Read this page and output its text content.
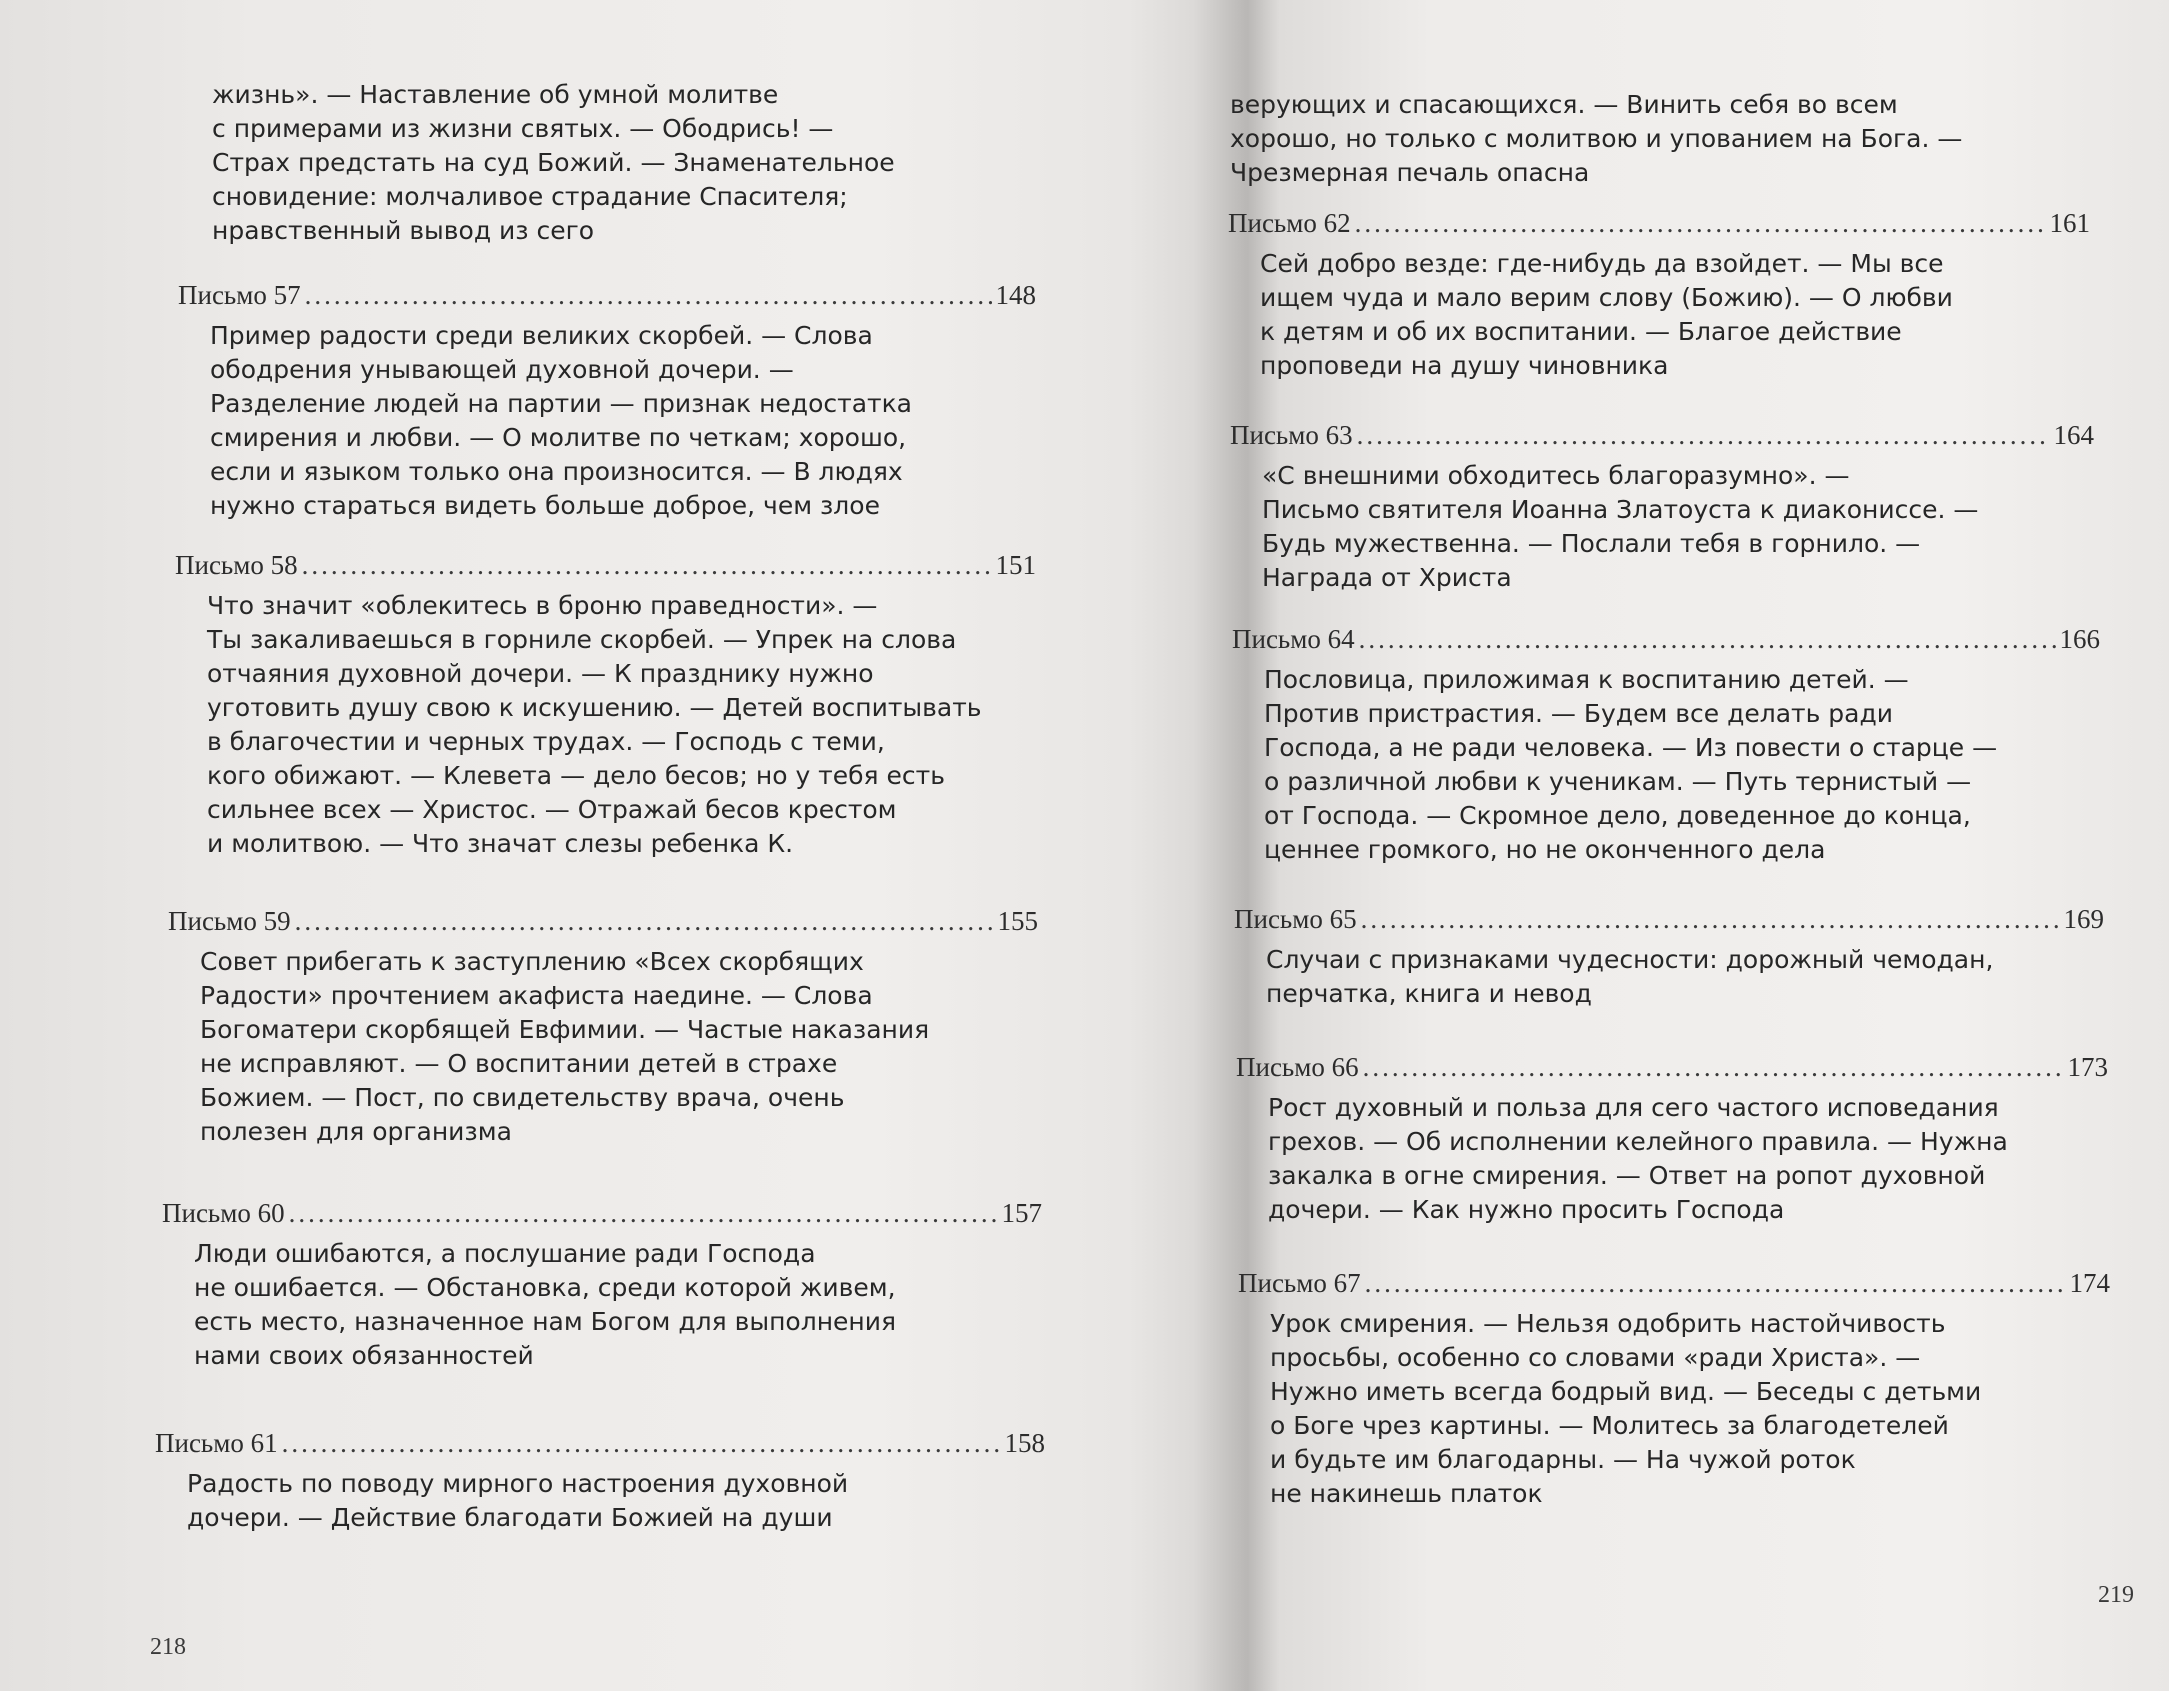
жизнь». — Наставление об умной молитве
с примерами из жизни святых. — Ободрись! —
Страх предстать на суд Божий. — Знаменательное
сновидение: молчаливое страдание Спасителя;
нравственный вывод из сего
Письмо 57 .....	148
Пример радости среди великих скорбей. — Слова
ободрения унывающей духовной дочери. —
Разделение людей на партии — признак недостатка
смирения и любви. — О молитве по четкам; хорошо,
если и языком только она произносится. — В людях
нужно стараться видеть больше доброе, чем злое
Письмо 58 .....	151
Что значит «облекитесь в броню праведности». —
Ты закаливаешься в горниле скорбей. — Упрек на слова
отчаяния духовной дочери. — К празднику нужно
уготовить душу свою к искушению. — Детей воспитывать
в благочестии и черных трудах. — Господь с теми,
кого обижают. — Клевета — дело бесов; но у тебя есть
сильнее всех — Христос. — Отражай бесов крестом
и молитвою. — Что значат слезы ребенка К.
Письмо 59 .....	155
Совет прибегать к заступлению «Всех скорбящих
Радости» прочтением акафиста наедине. — Слова
Богоматери скорбящей Евфимии. — Частые наказания
не исправляют. — О воспитании детей в страхе
Божием. — Пост, по свидетельству врача, очень
полезен для организма
Письмо 60 .....	157
Люди ошибаются, а послушание ради Господа
не ошибается. — Обстановка, среди которой живем,
есть место, назначенное нам Богом для выполнения
нами своих обязанностей
Письмо 61 .....	158
Радость по поводу мирного настроения духовной
дочери. — Действие благодати Божией на души
218
верующих и спасающихся. — Винить себя во всем
хорошо, но только с молитвою и упованием на Бога. —
Чрезмерная печаль опасна
Письмо 62 .....	161
Сей добро везде: где-нибудь да взойдет. — Мы все
ищем чуда и мало верим слову (Божию). — О любви
к детям и об их воспитании. — Благое действие
проповеди на душу чиновника
Письмо 63 .....	164
«С внешними обходитесь благоразумно». —
Письмо святителя Иоанна Златоуста к диакониссе. —
Будь мужественна. — Послали тебя в горнило. —
Награда от Христа
Письмо 64 .....	166
Пословица, приложимая к воспитанию детей. —
Против пристрастия. — Будем все делать ради
Господа, а не ради человека. — Из повести о старце —
о различной любви к ученикам. — Путь тернистый —
от Господа. — Скромное дело, доведенное до конца,
ценнее громкого, но не оконченного дела
Письмо 65 .....	169
Случаи с признаками чудесности: дорожный чемодан,
перчатка, книга и невод
Письмо 66 .....	173
Рост духовный и польза для сего частого исповедания
грехов. — Об исполнении келейного правила. — Нужна
закалка в огне смирения. — Ответ на ропот духовной
дочери. — Как нужно просить Господа
Письмо 67 .....	174
Урок смирения. — Нельзя одобрить настойчивость
просьбы, особенно со словами «ради Христа». —
Нужно иметь всегда бодрый вид. — Беседы с детьми
о Боге чрез картины. — Молитесь за благодетелей
и будьте им благодарны. — На чужой роток
не накинешь платок
219
